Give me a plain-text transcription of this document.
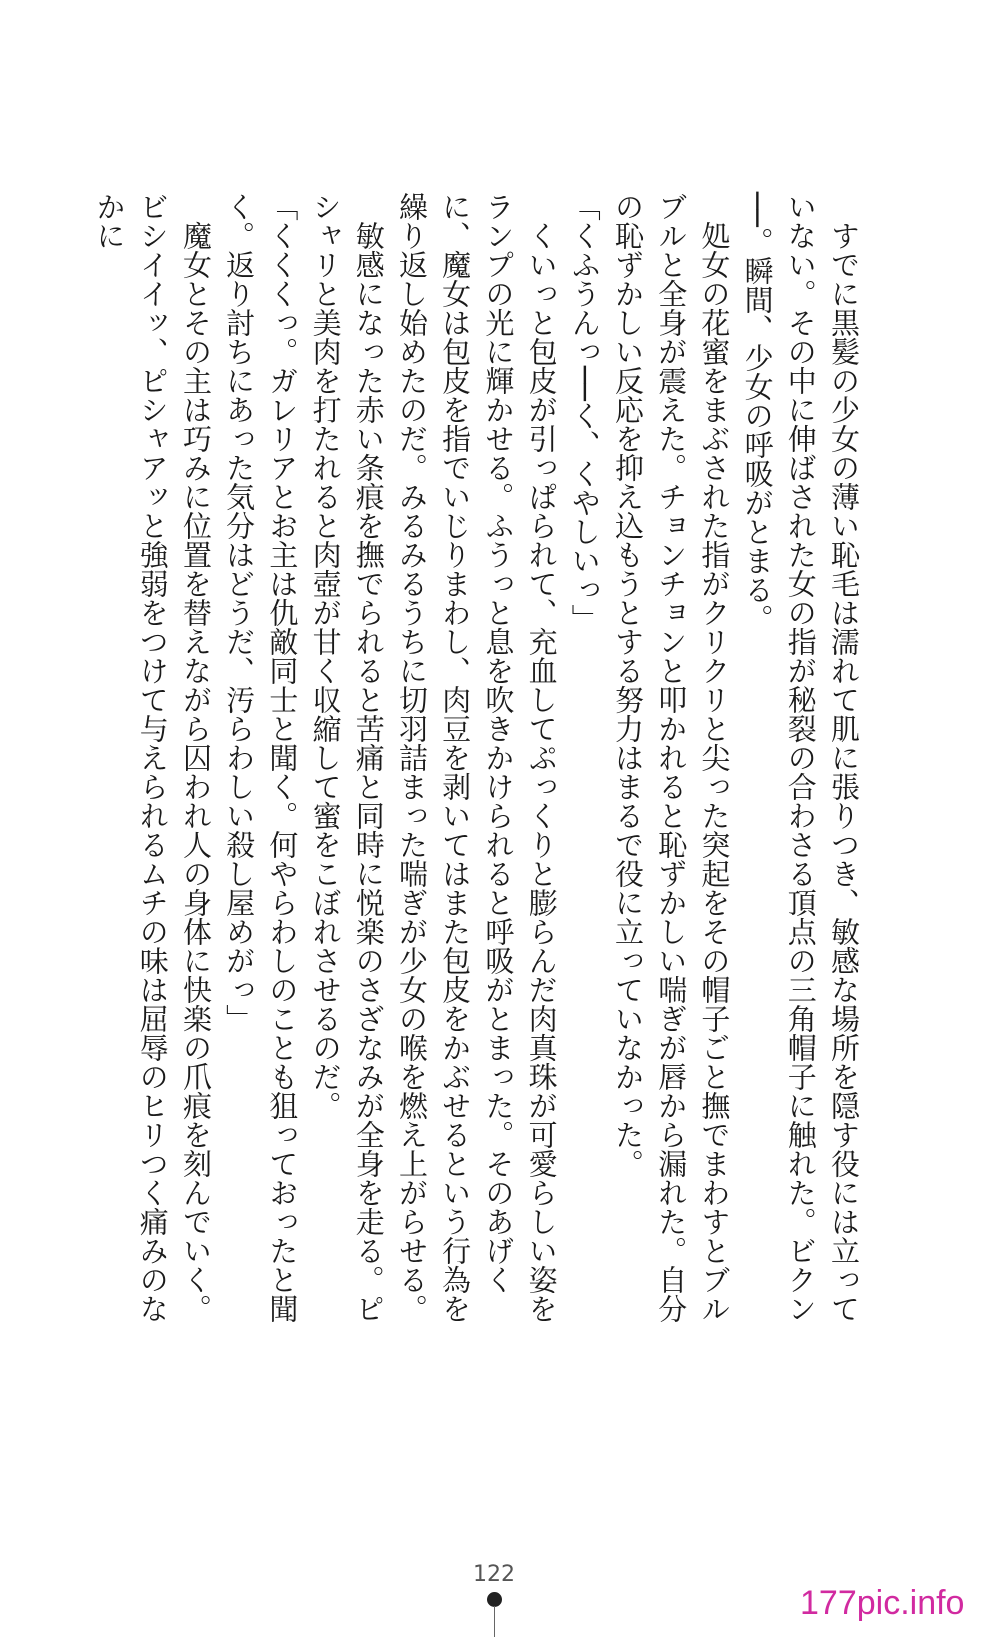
　すでに黒髪の少女の薄い恥毛は濡れて肌に張りつき、敏感な場所を隠す役には立っていない。その中に伸ばされた女の指が秘裂の合わさる頂点の三角帽子に触れた。ビクン──。瞬間、少女の呼吸がとまる。

　処女の花蜜をまぶされた指がクリクリと尖った突起をその帽子ごと撫でまわすとブルブルと全身が震えた。チョンチョンと叩かれると恥ずかしい喘ぎが唇から漏れた。自分の恥ずかしい反応を抑え込もうとする努力はまるで役に立っていなかった。

「くふうんっ──く、くやしいっ」

　くいっと包皮が引っぱられて、充血してぷっくりと膨らんだ肉真珠が可愛らしい姿をランプの光に輝かせる。ふうっと息を吹きかけられると呼吸がとまった。そのあげくに、魔女は包皮を指でいじりまわし、肉豆を剥いてはまた包皮をかぶせるという行為を繰り返し始めたのだ。みるみるうちに切羽詰まった喘ぎが少女の喉を燃え上がらせる。

　敏感になった赤い条痕を撫でられると苦痛と同時に悦楽のさざなみが全身を走る。ピシャリと美肉を打たれると肉壺が甘く収縮して蜜をこぼれさせるのだ。

「くくくっ。ガレリアとお主は仇敵同士と聞く。何やらわしのことも狙っておったと聞く。返り討ちにあった気分はどうだ、汚らわしい殺し屋めがっ」

　魔女とその主は巧みに位置を替えながら囚われ人の身体に快楽の爪痕を刻んでいく。ビシイイッ、ピシャアッと強弱をつけて与えられるムチの味は屈辱のヒリつく痛みのなかに

122
177pic.info
